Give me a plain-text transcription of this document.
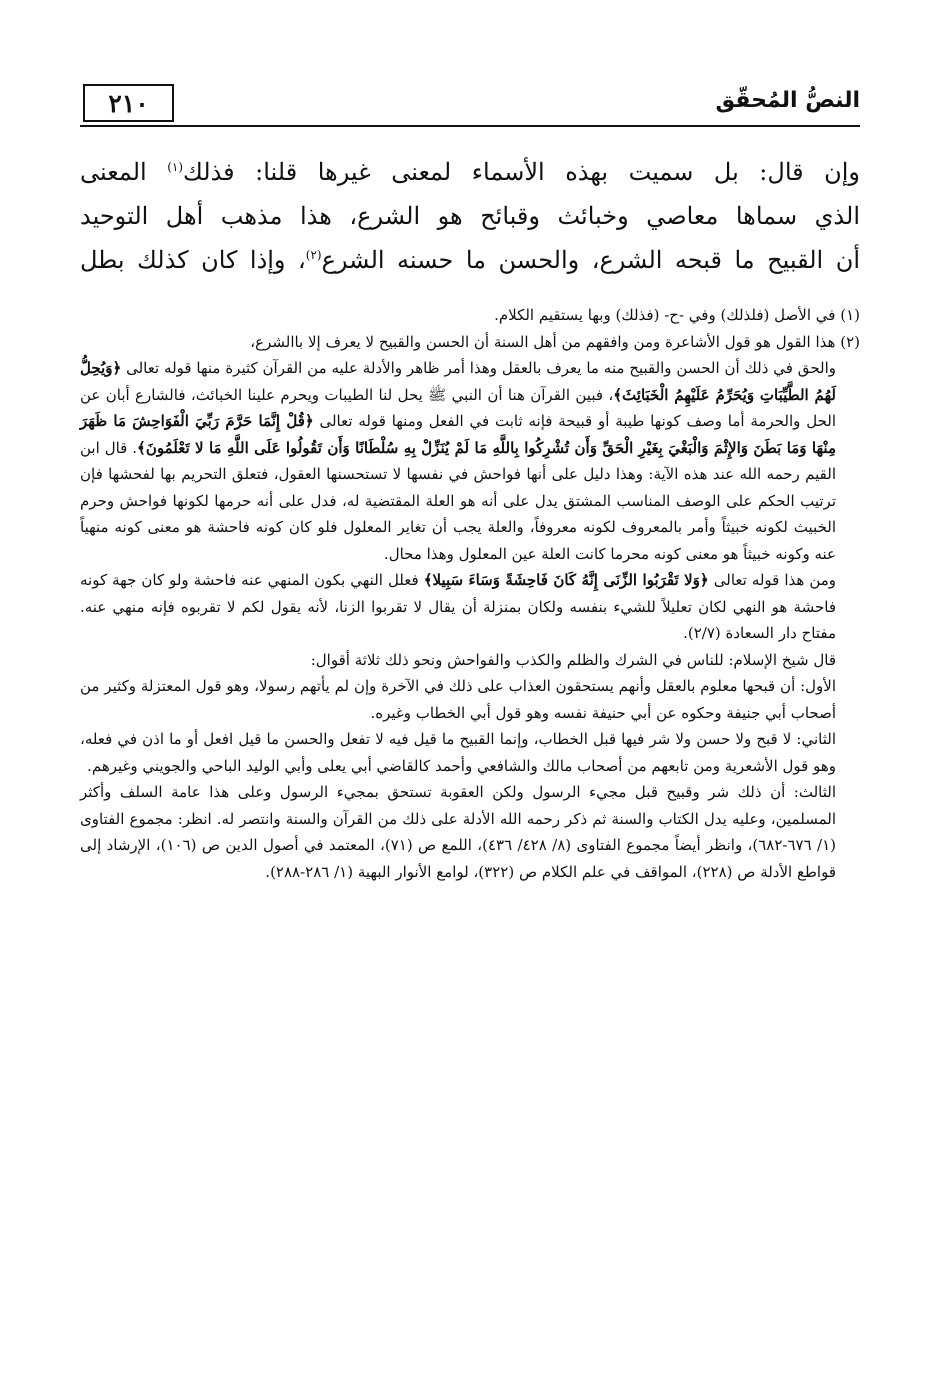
٢١٠	النصُّ المُحقّق

وإن قال: بل سميت بهذه الأسماء لمعنى غيرها قلنا: فذلك$^{(١)}$ المعنى

الذي سماها معاصي وخبائث وقبائح هو الشرع، هذا مذهب أهل التوحيد

أن القبيح ما قبحه الشرع، والحسن ما حسنه الشرع$^{(٢)}$، وإذا كان كذلك بطل

(١) في الأصل (فلذلك) وفي -ح- (فذلك) وبها يستقيم الكلام.

(٢) هذا القول هو قول الأشاعرة ومن وافقهم من أهل السنة أن الحسن والقبيح لا يعرف إلا باالشرع،

والحق في ذلك أن الحسن والقبيح منه ما يعرف بالعقل وهذا أمر ظاهر والأدلة عليه من القرآن كثيرة منها قوله تعالى ﴿وَيُحِلُّ لَهُمُ الطَّيِّبَاتِ وَيُحَرِّمُ عَلَيْهِمُ الْخَبَائِثَ﴾، فبين القرآن هنا أن النبي ﷺ يحل لنا الطيبات ويحرم علينا الخبائث، فالشارع أبان عن الحل والحرمة أما وصف كونها طيبة أو قبيحة فإنه ثابت في الفعل ومنها قوله تعالى ﴿قُلْ إِنَّمَا حَرَّمَ رَبِّيَ الْفَوَاحِشَ مَا ظَهَرَ مِنْهَا وَمَا بَطَنَ وَالإِثْمَ وَالْبَغْيَ بِغَيْرِ الْحَقِّ وَأَن تُشْرِكُوا بِاللَّهِ مَا لَمْ يُنَزِّلْ بِهِ سُلْطَانًا وَأَن تَقُولُوا عَلَى اللَّهِ مَا لا تَعْلَمُونَ﴾. قال ابن القيم رحمه الله عند هذه الآية: وهذا دليل على أنها فواحش في نفسها لا تستحسنها العقول، فتعلق التحريم بها لفحشها فإن ترتيب الحكم على الوصف المناسب المشتق يدل على أنه هو العلة المقتضية له، فدل على أنه حرمها لكونها فواحش وحرم الخبيث لكونه خبيثاً وأمر بالمعروف لكونه معروفاً، والعلة يجب أن تغاير المعلول فلو كان كونه فاحشة هو معنى كونه منهياً عنه وكونه خبيثاً هو معنى كونه محرما كانت العلة عين المعلول وهذا محال.

ومن هذا قوله تعالى ﴿وَلا تَقْرَبُوا الزِّنَى إِنَّهُ كَانَ فَاحِشَةً وَسَاءَ سَبِيلا﴾ فعلل النهي بكون المنهي عنه فاحشة ولو كان جهة كونه فاحشة هو النهي لكان تعليلاً للشيء بنفسه ولكان بمنزلة أن يقال لا تقربوا الزنا، لأنه يقول لكم لا تقربوه فإنه منهي عنه. مفتاح دار السعادة (٢/٧).

قال شيخ الإسلام: للناس في الشرك والظلم والكذب والفواحش ونحو ذلك ثلاثة أقوال:

الأول: أن قبحها معلوم بالعقل وأنهم يستحقون العذاب على ذلك في الآخرة وإن لم يأتهم رسولا، وهو قول المعتزلة وكثير من أصحاب أبي جنيفة وحكوه عن أبي حنيفة نفسه وهو قول أبي الخطاب وغيره.

الثاني: لا قبح ولا حسن ولا شر فيها قبل الخطاب، وإنما القبيح ما قيل فيه لا تفعل والحسن ما قيل افعل أو ما اذن في فعله، وهو قول الأشعرية ومن تابعهم من أصحاب مالك والشافعي وأحمد كالقاضي أبي يعلى وأبي الوليد الباحي والجويني وغيرهم.

الثالث: أن ذلك شر وقبيح قبل مجيء الرسول ولكن العقوبة تستحق بمجيء الرسول وعلى هذا عامة السلف وأكثر المسلمين، وعليه يدل الكتاب والسنة ثم ذكر رحمه الله الأدلة على ذلك من القرآن والسنة وانتصر له. انظر: مجموع الفتاوى (١/ ٦٧٦-٦٨٢)، وانظر أيضاً مجموع الفتاوى (٨/ ٤٢٨/ ٤٣٦)، اللمع ص (٧١)، المعتمد في أصول الدين ص (١٠٦)، الإرشاد إلى قواطع الأدلة ص (٢٢٨)، المواقف في علم الكلام ص (٣٢٢)، لوامع الأنوار البهية (١/ ٢٨٦-٢٨٨).
